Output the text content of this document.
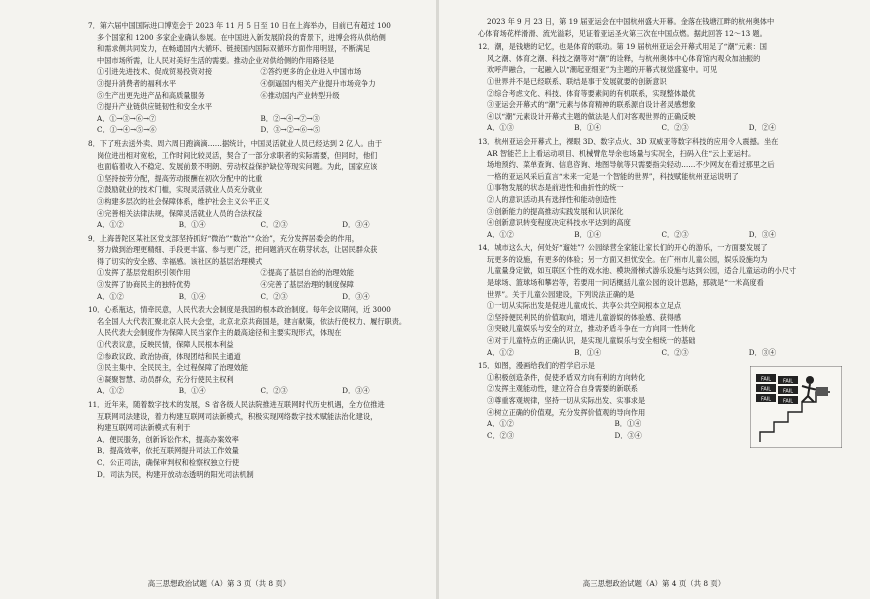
7．第六届中国国际进口博览会于 2023 年 11 月 5 日至 10 日在上海举办，目前已有超过 100

多个国家和 1200 多家企业确认参展。在中国进入新发展阶段的背景下，进博会将从供给侧

和需求侧共同发力，在畅通国内大循环、链接国内国际双循环方面作用明显，不断满足

中国市场所需，让人民对美好生活的需要。推动企业对供给侧的作用路径是

①引进先进技术、促成贸易投资对接	②答约更多的企业进入中国市场
③提升消费者的福利水平	④倒逼国内相关产业提升市场竞争力
⑤生产出更先进产品和高质量服务	⑥推动国内产业转型升级

⑦提升产业链供应链韧性和安全水平

A．①→③→⑥→⑦	B．②→④→⑦→③
C．①→④→⑤→⑥	D．③→②→⑥→⑤

8．下了班去送外卖、周六周日跑滴滴……据统计，中国灵活就业人员已经达到 2 亿人。由于

岗位进出相对宽松，工作时间比较灵活，契合了一部分求职者的实际需要，但同时，他们

也面临着收入不稳定、发展前景不明朗、劳动权益保护缺位等现实问题。为此，国家应该

①坚持按劳分配，提高劳动报酬在初次分配中的比重

②鼓励就业的技术门槛，实现灵活就业人员充分就业

③构建多层次的社会保障体系，维护社会主义公平正义

④完善相关法律法规，保障灵活就业人员的合法权益

A．①②	B．①④	C．②③	D．③④

9．上海普陀区某社区党支部坚持抓好“微治”“数治”“众治”，充分发挥居委会的作用，

努力做到治理更精细、手段更丰富、参与更广泛，把问题消灭在萌芽状态，让居民群众获

得了切实的安全感、幸福感。该社区的基层治理模式

①发挥了基层党组织引领作用	②提高了基层自治的治理效能
③发挥了协商民主的独特优势	④完善了基层治理的制度保障
A．①②	B．①④	C．②③	D．③④

10．心系瓶达，情牵民意，人民代表大会制度是我国的根本政治制度。每年会议期间，近 3000

名全国人大代表汇聚北京人民大会堂，北京北京共商国是，建言献策，依法行使权力、履行职责。

人民代表大会制度作为保障人民当家作主的最高途径和主要实现形式，体现在

①代表议意，反映民情，保障人民根本利益

②参政议政、政治协商，体现团结和民主通道

③民主集中、全民民主，全过程保障了治理效能

④凝聚智慧、动员群众，充分行使民主权利

A．①②	B．①④	C．②③	D．③④

11．近年来，随着数字技术的发展，S 省各级人民法院推进互联网时代历史机遇，全方位推进

互联网司法建设，着力构建互联网司法新模式，积极实现网络数字技术赋能法治化建设，

构建互联网司法新模式有利于

A．便民服务，创新诉讼作术，提高办案效率

B．提高效率，依托互联网提升司法工作效量

C．公正司法，确保审判权和检察权独立行使

D．司法为民，构建开放动态透明的阳光司法机制

高三思想政治试题（A）第 3 页（共 8 页）

2023 年 9 月 23 日，第 19 届亚运会在中国杭州盛大开幕。金落在钱塘江畔的杭州奥体中

心体育场花样滑滑、流光溢彩，见证着亚运圣火第三次在中国点燃。据此回答 12～13 题。

12．潮，是钱塘的记忆，也是体育的联动。第 19 届杭州亚运会开幕式用足了“潮”元素：国

风之潮、体育之潮、科技之潮等对“潮”的诠释，与杭州奥体中心体育馆内观众加油振的

欢呼声融合，一起融入以“潮起亚细亚”为主题的开幕式视觉盛宴中。可见

①世界并不是已经联系、联结是事于发展就要的创新意识

②综合考虑文化、科技、体育等要素间的有机联系，实现整体最优

③亚运会开幕式的“潮”元素与体育精神的联系源自设计者灵感想象

④以“潮”元素设计开幕式主题的做法是人们对客观世界的正确反映

A．①③	B．①④	C．②③	D．②④

13．杭州亚运会开幕式上，裸眼 3D、数字点火、3D 双威亚等数字科技的应用令人震撼。坐在

AR 智能芒上上看运动项目、机械臂危导余也场量与实况全，扫码入住“云上亚运村。

场地预约、菜单查询、信息咨询、地图导航等只需要指尖轻动……不少网友在看过那里之后

一格的亚运风采后直言“未来一定是一个智能的世界”，科技赋能杭州亚运说明了

①事物发展的状态是前进性和曲折性的统一

②人的意识活动具有选择性和能动创造性

③创新能力的提高推动实践发展和认识深化

④创新意识转变程度决定科技水平达到的高度

A．①②	B．①④	C．②③	D．③④

14．城市这么大，何处好“遛娃”？公园绿营全家能让家长们的开心的游乐，一方面要发展了

玩更多的设施，有更多的体验；另一方面又担忧安全。在广州市儿童公园，娱乐设施均为

儿童量身定做，如互联区个性的戏水池、模块滑梯式游乐设施与达到公园，适合儿童运动的小尺寸

是球场、篮球场和攀岩等，若要用一问话概括儿童公园的设计思路，那就是“一米高度看

世界”。关于儿童公园建设，下列说法正确的是

①一切从实际出发是促进儿童成长、共享公共空间根本立足点

②坚持便民利民的价值取向，增进儿童游娱的体验感、获得感

③突破儿童娱乐与安全的对立，推动矛盾斗争在一方向同一性转化

④对于儿童特点的正确认识，是实现儿童娱乐与安全相统一的基础

A．①②	B．①④	C．②③	D．③④

15．如图，漫画给我们的哲学启示是

①积极创造条件，促使矛盾双方向有利的方向转化

②发挥主观能动性，建立符合自身需要的新联系

③尊重客观规律，坚持一切从实际出发、实事求是

④树立正确的价值观，充分发挥价值观的导向作用

A．①②	B．①④
C．②③	D．③④
FAIL
FAIL
FAIL
FAIL
FAIL
FAIL
高三思想政治试题（A）第 4 页（共 8 页）
